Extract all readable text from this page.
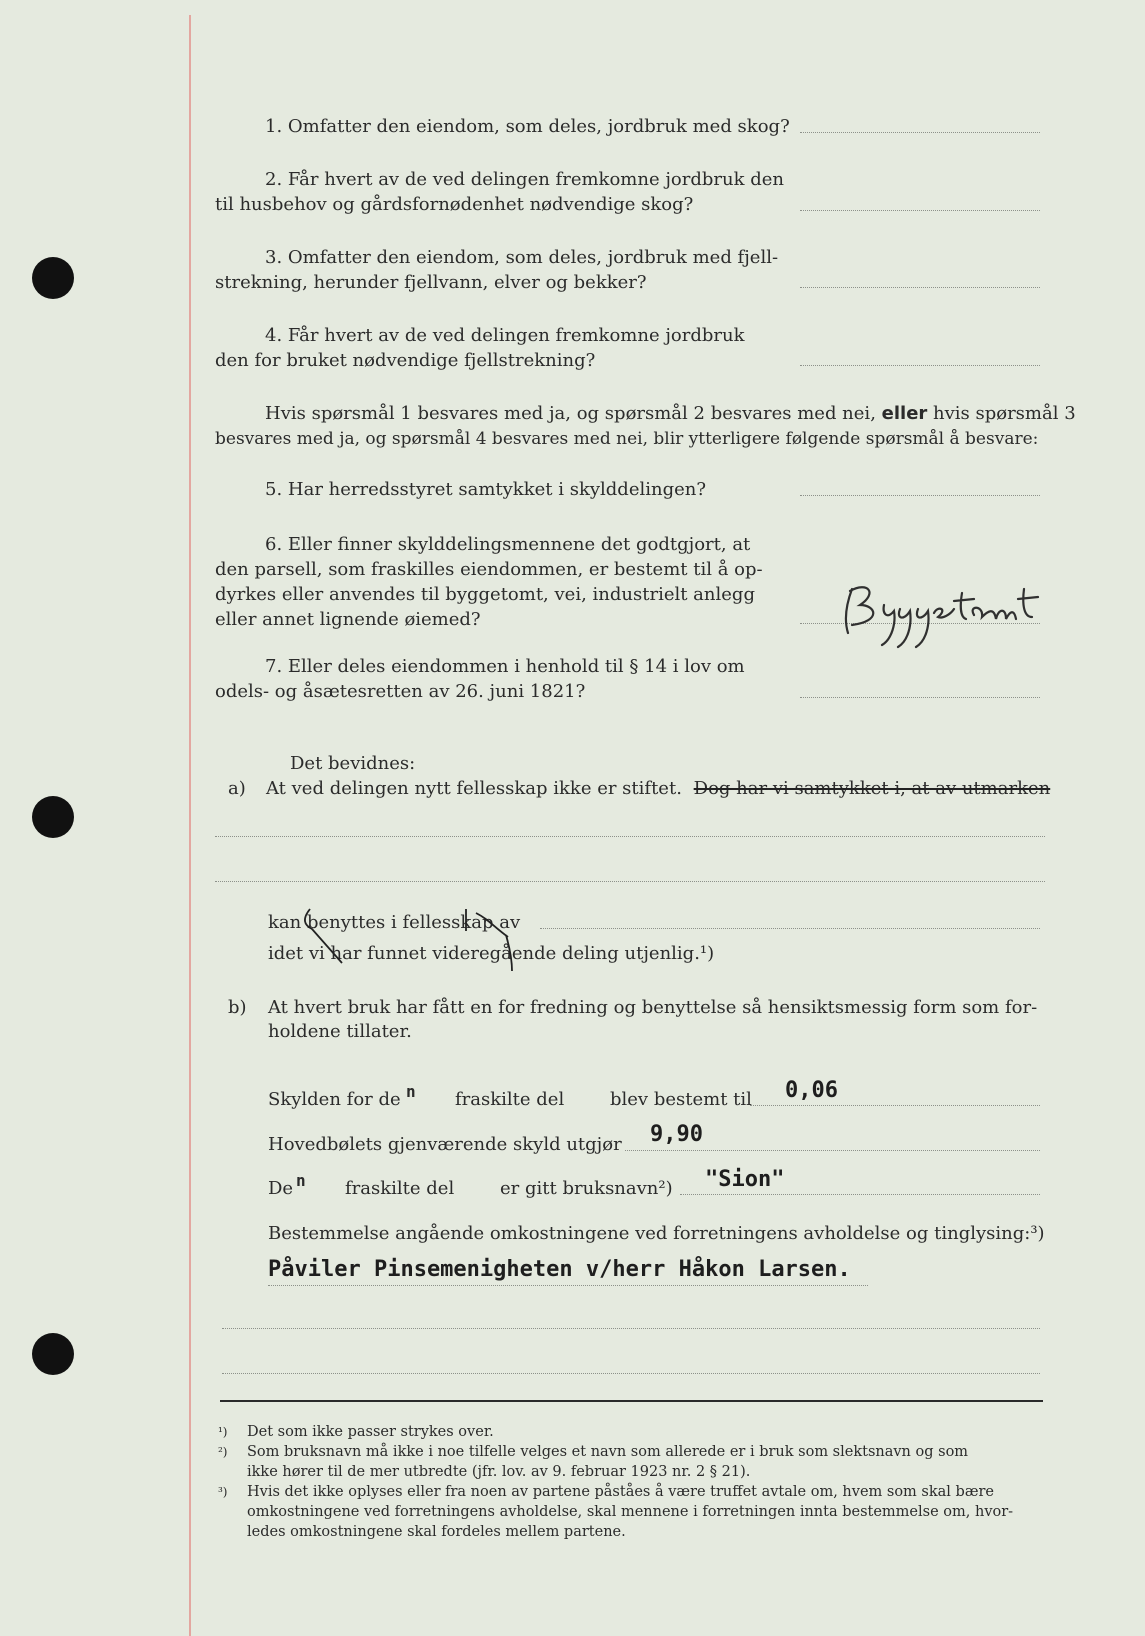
1. Omfatter den eiendom, som deles, jordbruk med skog?
2. Får hvert av de ved delingen fremkomne jordbruk den
til husbehov og gårdsfornødenhet nødvendige skog?
3. Omfatter den eiendom, som deles, jordbruk med fjell-
strekning, herunder fjellvann, elver og bekker?
4. Får hvert av de ved delingen fremkomne jordbruk
den for bruket nødvendige fjellstrekning?
Hvis spørsmål 1 besvares med ja, og spørsmål 2 besvares med nei, eller hvis spørsmål 3
besvares med ja, og spørsmål 4 besvares med nei, blir ytterligere følgende spørsmål å besvare:
5. Har herredsstyret samtykket i skylddelingen?
6. Eller finner skylddelingsmennene det godtgjort, at
den parsell, som fraskilles eiendommen, er bestemt til å op-
dyrkes eller anvendes til byggetomt, vei, industrielt anlegg
eller annet lignende øiemed?
7. Eller deles eiendommen i henhold til § 14 i lov om
odels- og åsætesretten av 26. juni 1821?
Det bevidnes:
a) At ved delingen nytt fellesskap ikke er stiftet. Dog har vi samtykket i, at av utmarken
kan benyttes i fellesskap av
idet vi har funnet videregående deling utjenlig.¹)
b) At hvert bruk har fått en for fredning og benyttelse så hensiktsmessig form som for-
holdene tillater.
Skylden for de n fraskilte del	blev bestemt til 0,06
Hovedbølets gjenværende skyld utgjør 9,90
De n fraskilte del	er gitt bruksnavn²) "Sion"
Bestemmelse angående omkostningene ved forretningens avholdelse og tinglysing:³)
Påviler Pinsemenigheten v/herr Håkon Larsen.
¹) Det som ikke passer strykes over.
²) Som bruksnavn må ikke i noe tilfelle velges et navn som allerede er i bruk som slektsnavn og som
ikke hører til de mer utbredte (jfr. lov. av 9. februar 1923 nr. 2 § 21).
³) Hvis det ikke oplyses eller fra noen av partene påståes å være truffet avtale om, hvem som skal bære
omkostningene ved forretningens avholdelse, skal mennene i forretningen innta bestemmelse om, hvor-
ledes omkostningene skal fordeles mellem partene.
